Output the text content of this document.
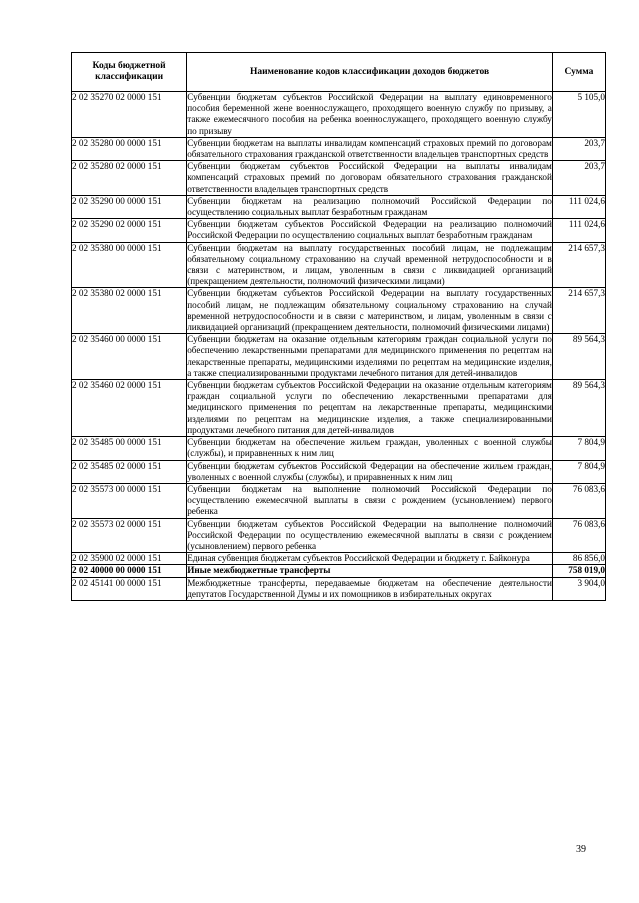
Коды бюджетной классификации	Наименование кодов классификации доходов бюджетов	Сумма
2 02 35270 02 0000 151	Субвенции бюджетам субъектов Российской Федерации на выплату единовременного пособия беременной жене военнослужащего, проходящего военную службу по призыву, а также ежемесячного пособия на ребенка военнослужащего, проходящего военную службу по призыву	5 105,0
2 02 35280 00 0000 151	Субвенции бюджетам на выплаты инвалидам компенсаций страховых премий по договорам обязательного страхования гражданской ответственности владельцев транспортных средств	203,7
2 02 35280 02 0000 151	Субвенции бюджетам субъектов Российской Федерации на выплаты инвалидам компенсаций страховых премий по договорам обязательного страхования гражданской ответственности владельцев транспортных средств	203,7
2 02 35290 00 0000 151	Субвенции бюджетам на реализацию полномочий Российской Федерации по осуществлению социальных выплат безработным гражданам	111 024,6
2 02 35290 02 0000 151	Субвенции бюджетам субъектов Российской Федерации на реализацию полномочий Российской Федерации по осуществлению социальных выплат безработным гражданам	111 024,6
2 02 35380 00 0000 151	Субвенции бюджетам на выплату государственных пособий лицам, не подлежащим обязательному социальному страхованию на случай временной нетрудоспособности и в связи с материнством, и лицам, уволенным в связи с ликвидацией организаций (прекращением деятельности, полномочий физическими лицами)	214 657,3
2 02 35380 02 0000 151	Субвенции бюджетам субъектов Российской Федерации на выплату государственных пособий лицам, не подлежащим обязательному социальному страхованию на случай временной нетрудоспособности и в связи с материнством, и лицам, уволенным в связи с ликвидацией организаций (прекращением деятельности, полномочий физическими лицами)	214 657,3
2 02 35460 00 0000 151	Субвенции бюджетам на оказание отдельным категориям граждан социальной услуги по обеспечению лекарственными препаратами для медицинского применения по рецептам на лекарственные препараты, медицинскими изделиями по рецептам на медицинские изделия, а также специализированными продуктами лечебного питания для детей-инвалидов	89 564,3
2 02 35460 02 0000 151	Субвенции бюджетам субъектов Российской Федерации на оказание отдельным категориям граждан социальной услуги по обеспечению лекарственными препаратами для медицинского применения по рецептам на лекарственные препараты, медицинскими изделиями по рецептам на медицинские изделия, а также специализированными продуктами лечебного питания для детей-инвалидов	89 564,3
2 02 35485 00 0000 151	Субвенции бюджетам на обеспечение жильем граждан, уволенных с военной службы (службы), и приравненных к ним лиц	7 804,9
2 02 35485 02 0000 151	Субвенции бюджетам субъектов Российской Федерации на обеспечение жильем граждан, уволенных с военной службы (службы), и приравненных к ним лиц	7 804,9
2 02 35573 00 0000 151	Субвенции бюджетам на выполнение полномочий Российской Федерации по осуществлению ежемесячной выплаты в связи с рождением (усыновлением) первого ребенка	76 083,6
2 02 35573 02 0000 151	Субвенции бюджетам субъектов Российской Федерации на выполнение полномочий Российской Федерации по осуществлению ежемесячной выплаты в связи с рождением (усыновлением) первого ребенка	76 083,6
2 02 35900 02 0000 151	Единая субвенция бюджетам субъектов Российской Федерации и бюджету г. Байконура	86 856,0
2 02 40000 00 0000 151	Иные межбюджетные трансферты	758 019,0
2 02 45141 00 0000 151	Межбюджетные трансферты, передаваемые бюджетам на обеспечение деятельности депутатов Государственной Думы и их помощников в избирательных округах	3 904,0
39
